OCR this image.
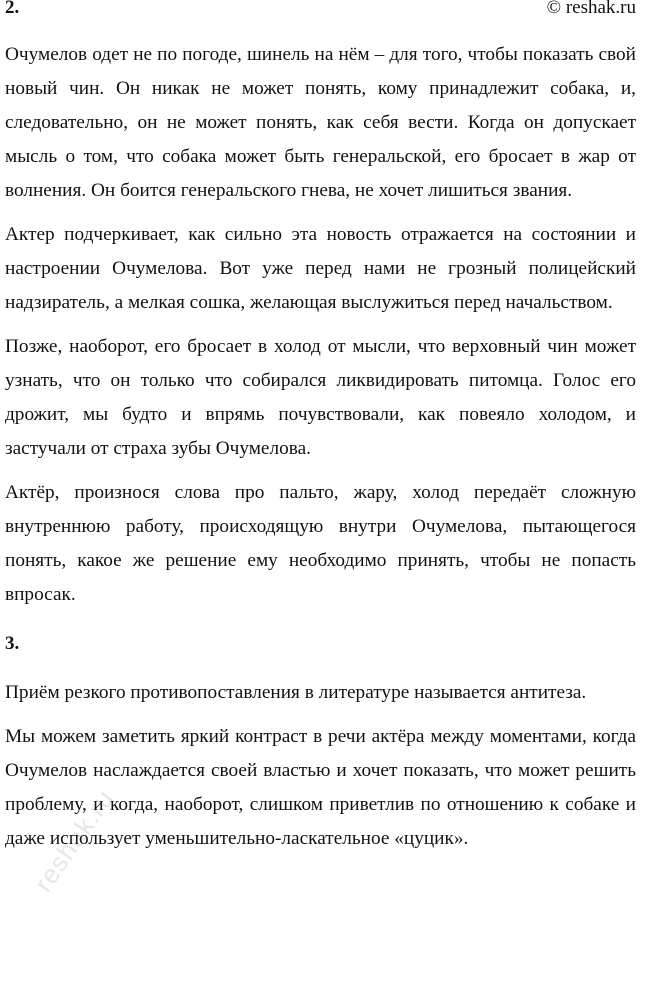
2.	© reshak.ru

Очумелов одет не по погоде, шинель на нём – для того, чтобы показать свой новый чин. Он никак не может понять, кому принадлежит собака, и, следовательно, он не может понять, как себя вести. Когда он допускает мысль о том, что собака может быть генеральской, его бросает в жар от волнения. Он боится генеральского гнева, не хочет лишиться звания.

Актер подчеркивает, как сильно эта новость отражается на состоянии и настроении Очумелова. Вот уже перед нами не грозный полицейский надзиратель, а мелкая сошка, желающая выслужиться перед начальством.

Позже, наоборот, его бросает в холод от мысли, что верховный чин может узнать, что он только что собирался ликвидировать питомца. Голос его дрожит, мы будто и впрямь почувствовали, как повеяло холодом, и застучали от страха зубы Очумелова.

Актёр, произнося слова про пальто, жару, холод передаёт сложную внутреннюю работу, происходящую внутри Очумелова, пытающегося понять, какое же решение ему необходимо принять, чтобы не попасть впросак.

3.

Приём резкого противопоставления в литературе называется антитеза.

Мы можем заметить яркий контраст в речи актёра между моментами, когда Очумелов наслаждается своей властью и хочет показать, что может решить проблему, и когда, наоборот, слишком приветлив по отношению к собаке и даже использует уменьшительно-ласкательное «цуцик».

reshak.ru
